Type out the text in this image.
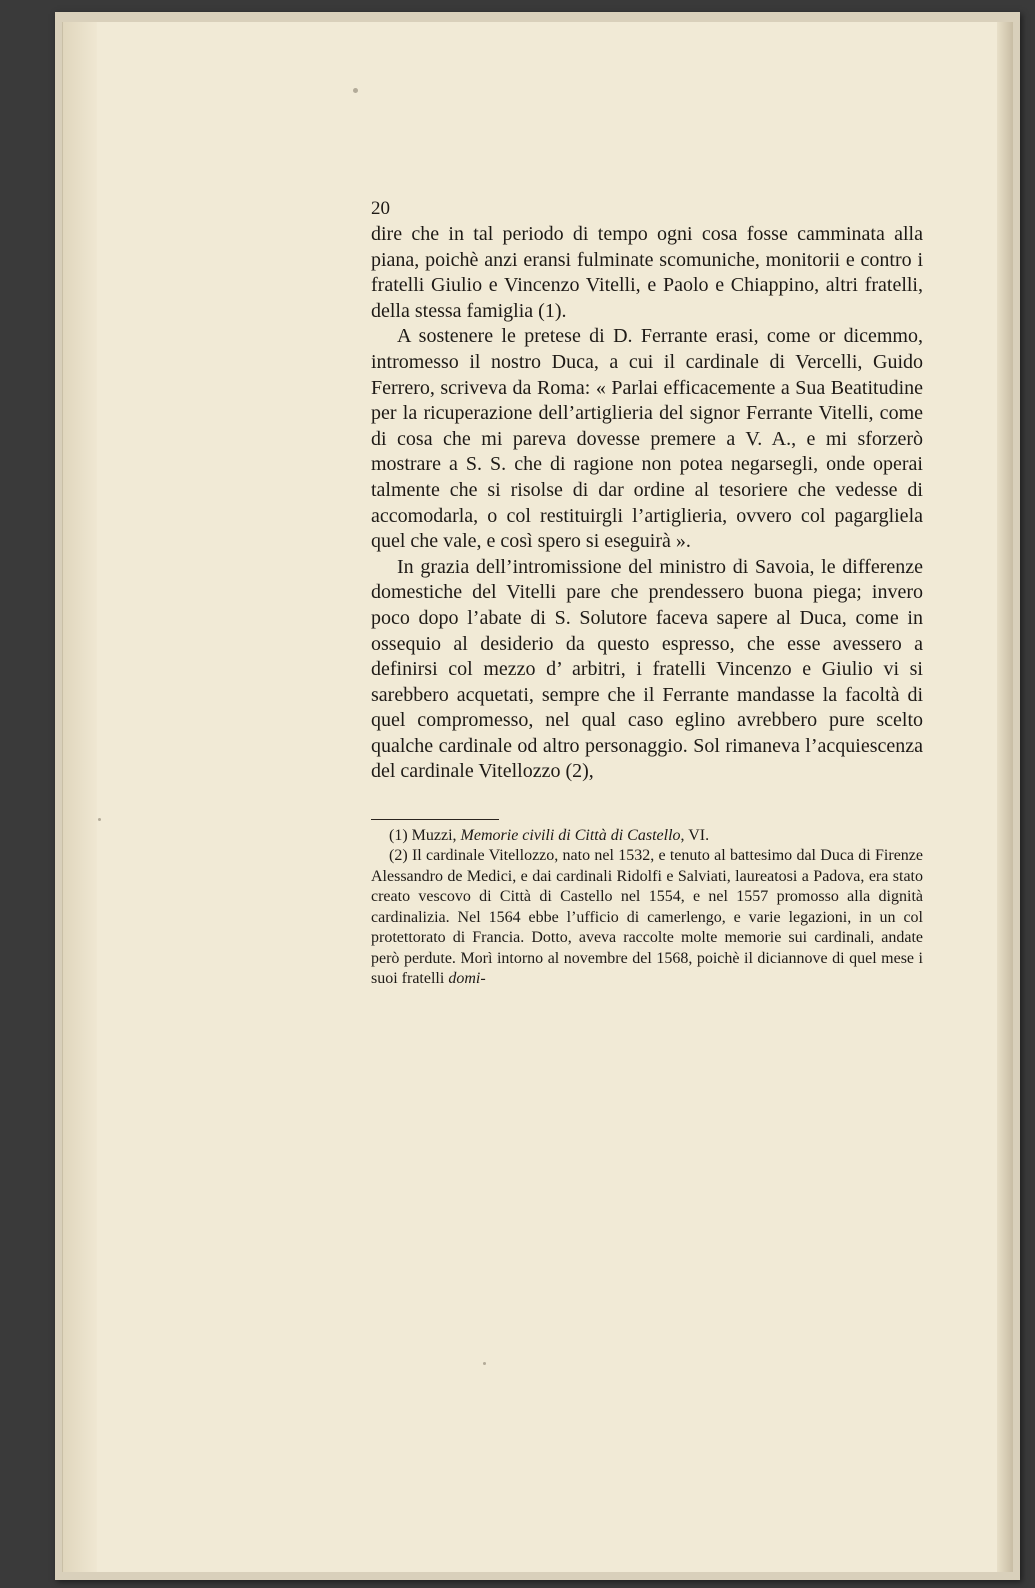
20

dire che in tal periodo di tempo ogni cosa fosse camminata alla piana, poichè anzi eransi fulminate scomuniche, monitorii e contro i fratelli Giulio e Vincenzo Vitelli, e Paolo e Chiappino, altri fratelli, della stessa famiglia (1).

A sostenere le pretese di D. Ferrante erasi, come or dicemmo, intromesso il nostro Duca, a cui il cardinale di Vercelli, Guido Ferrero, scriveva da Roma: « Parlai efficacemente a Sua Beatitudine per la ricuperazione dell’artiglieria del signor Ferrante Vitelli, come di cosa che mi pareva dovesse premere a V. A., e mi sforzerò mostrare a S. S. che di ragione non potea negarsegli, onde operai talmente che si risolse di dar ordine al tesoriere che vedesse di accomodarla, o col restituirgli l’artiglieria, ovvero col pagargliela quel che vale, e così spero si eseguirà ».

In grazia dell’intromissione del ministro di Savoia, le differenze domestiche del Vitelli pare che prendessero buona piega; invero poco dopo l’abate di S. Solutore faceva sapere al Duca, come in ossequio al desiderio da questo espresso, che esse avessero a definirsi col mezzo d’ arbitri, i fratelli Vincenzo e Giulio vi si sarebbero acquetati, sempre che il Ferrante mandasse la facoltà di quel compromesso, nel qual caso eglino avrebbero pure scelto qualche cardinale od altro personaggio. Sol rimaneva l’acquiescenza del cardinale Vitellozzo (2),

(1) Muzzi, Memorie civili di Città di Castello, VI.

(2) Il cardinale Vitellozzo, nato nel 1532, e tenuto al battesimo dal Duca di Firenze Alessandro de Medici, e dai cardinali Ridolfi e Salviati, laureatosi a Padova, era stato creato vescovo di Città di Castello nel 1554, e nel 1557 promosso alla dignità cardinalizia. Nel 1564 ebbe l’ufficio di camerlengo, e varie legazioni, in un col protettorato di Francia. Dotto, aveva raccolte molte memorie sui cardinali, andate però perdute. Morì intorno al novembre del 1568, poichè il diciannove di quel mese i suoi fratelli domi-
